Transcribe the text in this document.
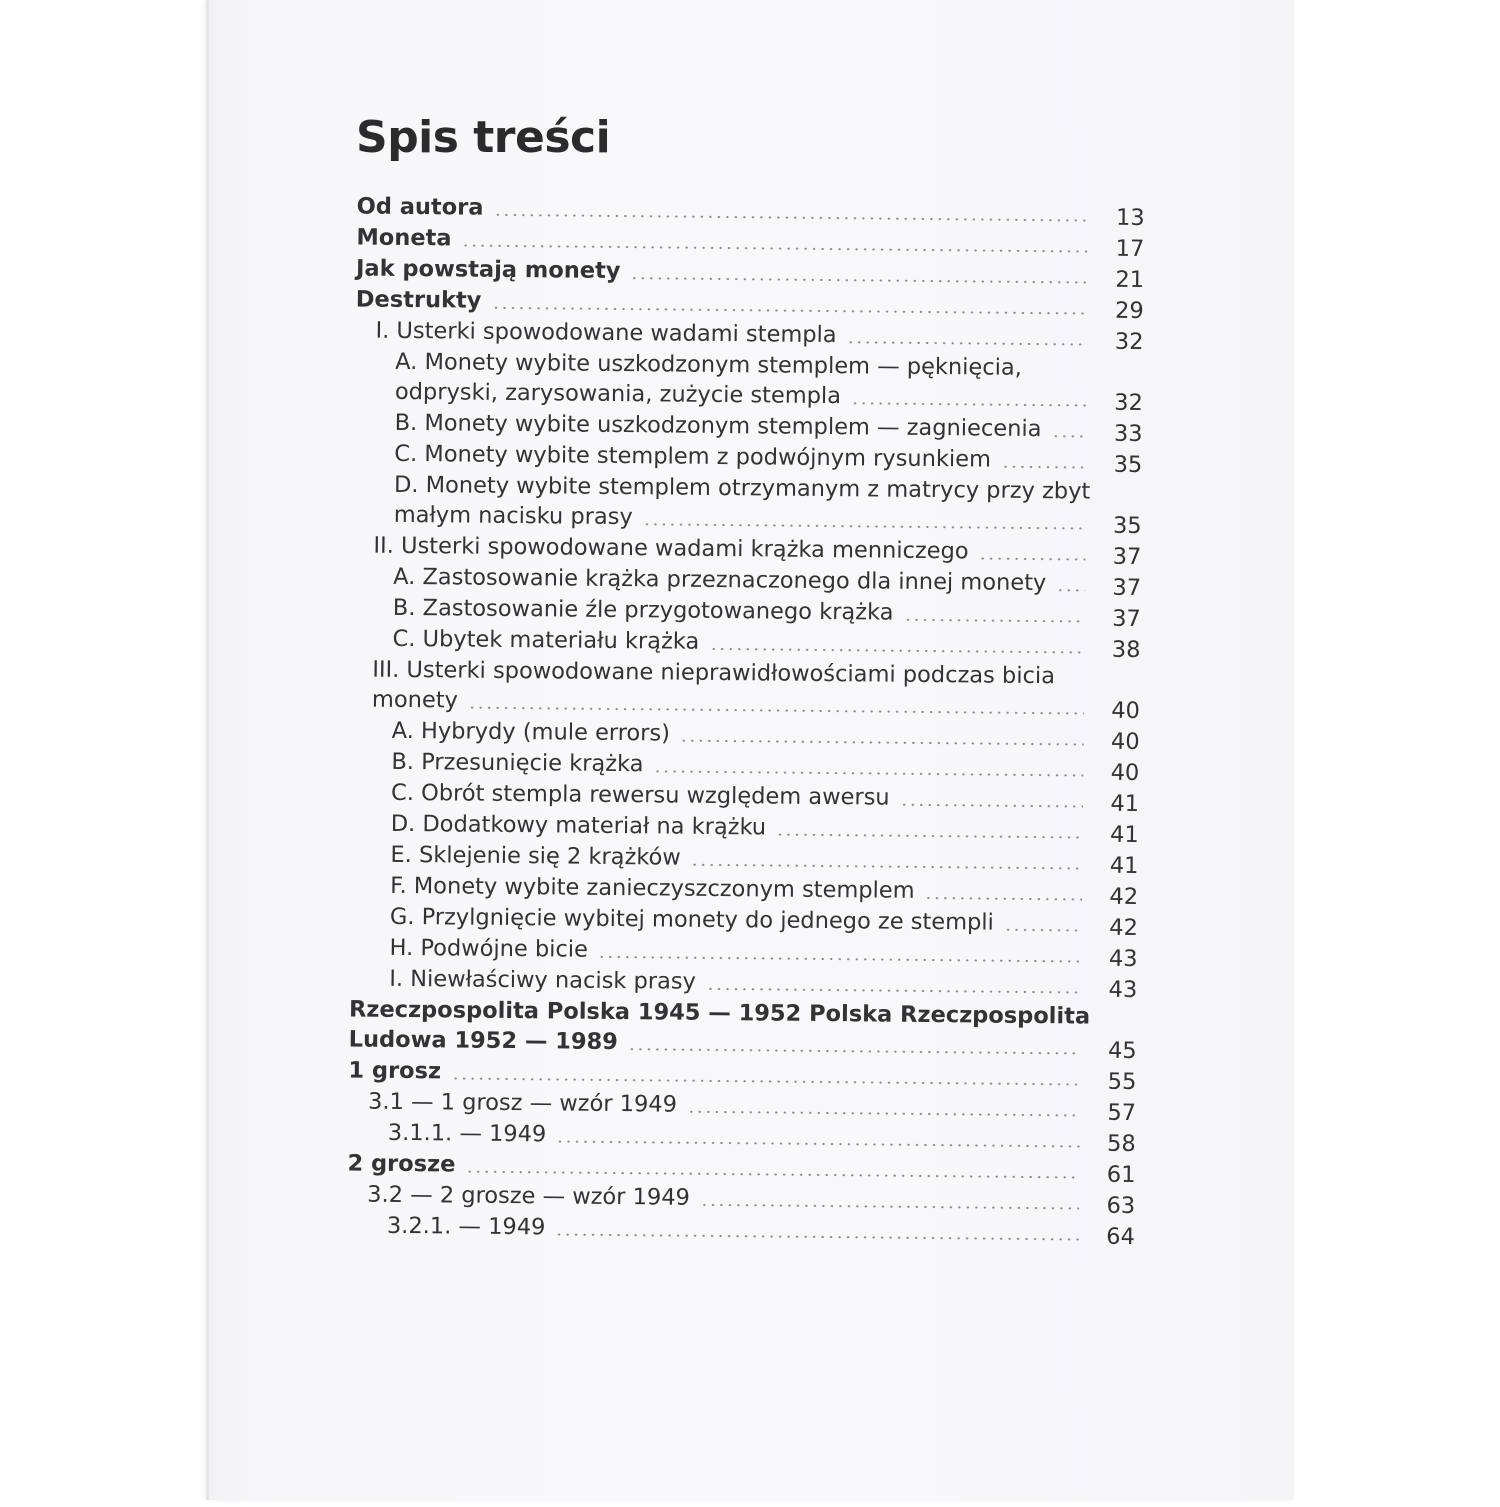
Spis treści
Od autora	13
Moneta	17
Jak powstają monety	21
Destrukty	29
I. Usterki spowodowane wadami stempla	32
A. Monety wybite uszkodzonym stemplem — pęknięcia,
odpryski, zarysowania, zużycie stempla	32
B. Monety wybite uszkodzonym stemplem — zagniecenia	33
C. Monety wybite stemplem z podwójnym rysunkiem	35
D. Monety wybite stemplem otrzymanym z matrycy przy zbyt
małym nacisku prasy	35
II. Usterki spowodowane wadami krążka menniczego	37
A. Zastosowanie krążka przeznaczonego dla innej monety	37
B. Zastosowanie źle przygotowanego krążka	37
C. Ubytek materiału krążka	38
III. Usterki spowodowane nieprawidłowościami podczas bicia
monety	40
A. Hybrydy (mule errors)	40
B. Przesunięcie krążka	40
C. Obrót stempla rewersu względem awersu	41
D. Dodatkowy materiał na krążku	41
E. Sklejenie się 2 krążków	41
F. Monety wybite zanieczyszczonym stemplem	42
G. Przylgnięcie wybitej monety do jednego ze stempli	42
H. Podwójne bicie	43
I. Niewłaściwy nacisk prasy	43
Rzeczpospolita Polska 1945 — 1952 Polska Rzeczpospolita
Ludowa 1952 — 1989	45
1 grosz	55
3.1 — 1 grosz — wzór 1949	57
3.1.1. — 1949	58
2 grosze	61
3.2 — 2 grosze — wzór 1949	63
3.2.1. — 1949	64
